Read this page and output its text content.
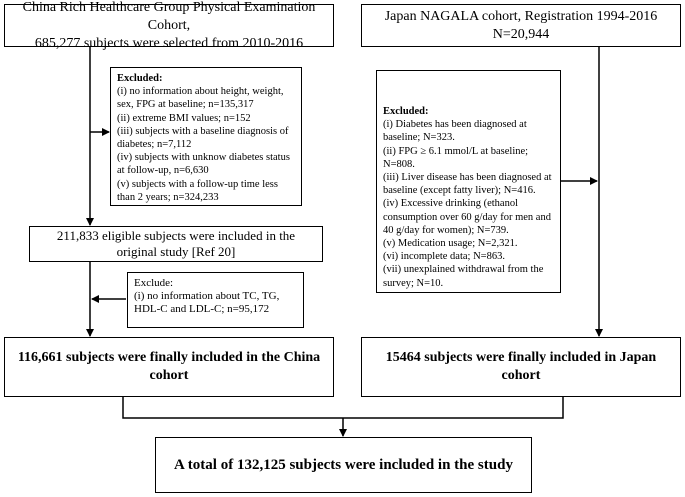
China Rich Healthcare Group Physical Examination Cohort,
685,277 subjects were selected from 2010-2016
Japan NAGALA cohort, Registration 1994-2016
N=20,944
Excluded:
(i) no information about height, weight, sex, FPG at baseline; n=135,317
(ii) extreme BMI values; n=152
(iii) subjects with a baseline diagnosis of diabetes; n=7,112
(iv) subjects with unknow diabetes status at follow-up, n=6,630
(v) subjects with a follow-up time less than 2 years; n=324,233
Excluded:
(i) Diabetes has been diagnosed at baseline; N=323.
(ii) FPG ≥ 6.1 mmol/L at baseline; N=808.
(iii) Liver disease has been diagnosed at baseline (except fatty liver); N=416.
(iv) Excessive drinking (ethanol consumption over 60 g/day for men and 40 g/day for women); N=739.
(v) Medication usage; N=2,321.
(vi) incomplete data; N=863.
(vii) unexplained withdrawal from the survey; N=10.
211,833 eligible subjects were included in the original study [Ref 20]
Exclude:
(i) no information about TC, TG, HDL-C and LDL-C; n=95,172
116,661 subjects were finally included in the China cohort
15464 subjects were finally included in Japan cohort
A total of 132,125 subjects were included in the study
